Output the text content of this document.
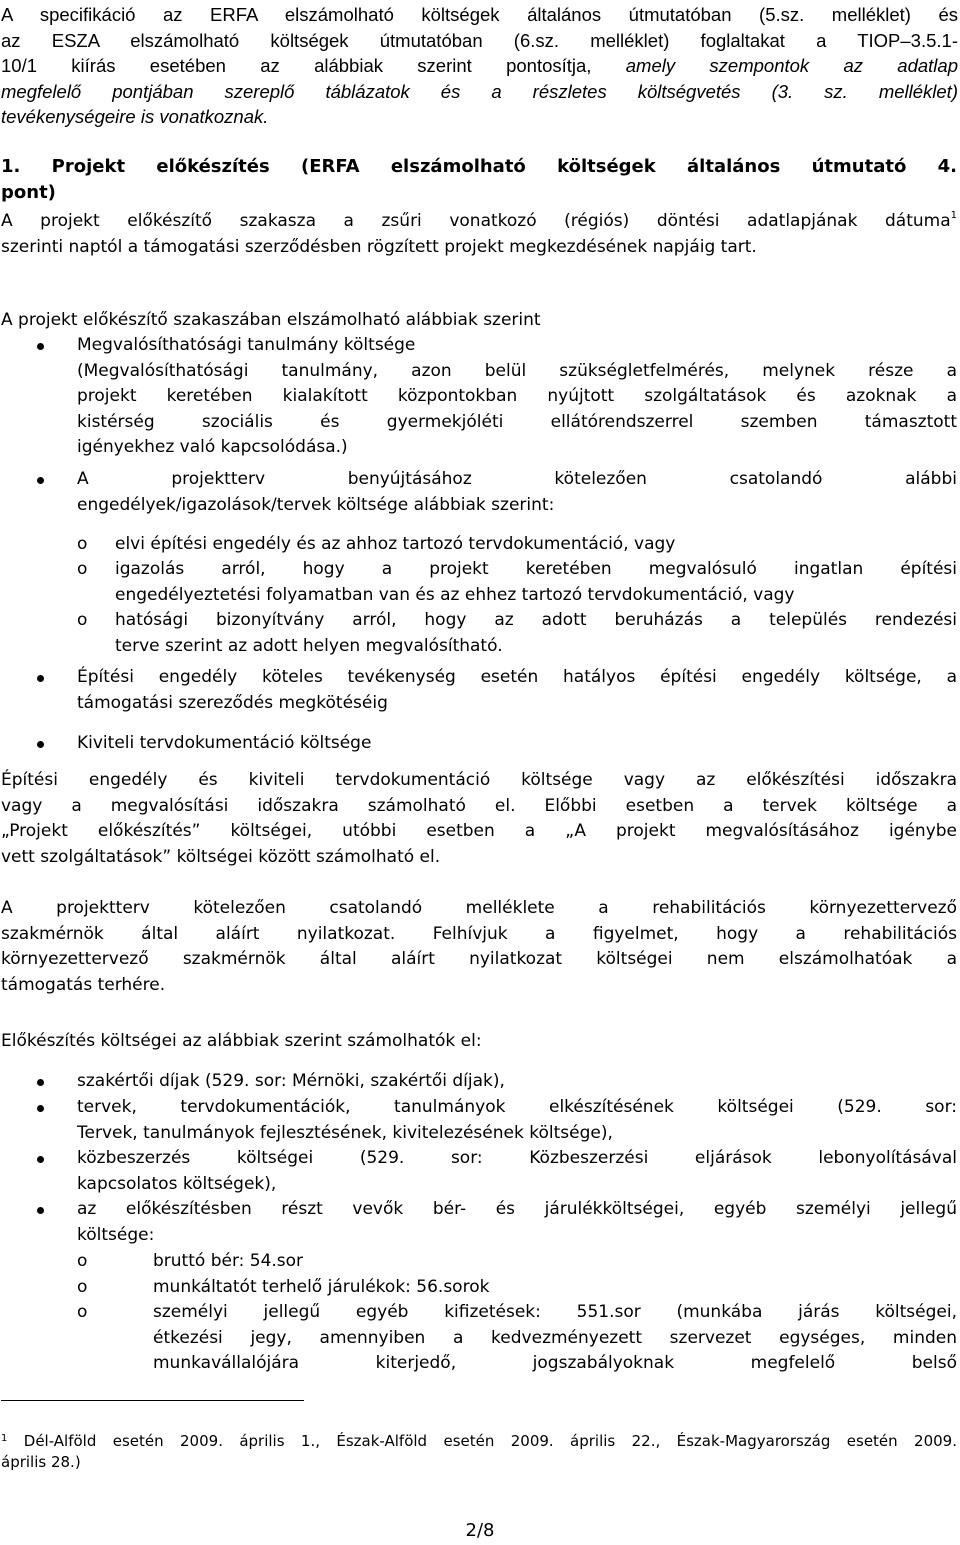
A specifikáció az ERFA elszámolható költségek általános útmutatóban (5.sz. melléklet) és

az ESZA elszámolható költségek útmutatóban (6.sz. melléklet) foglaltakat a TIOP–3.5.1-

10/1 kiírás esetében az alábbiak szerint pontosítja, amely szempontok az adatlap

megfelelő pontjában szereplő táblázatok és a részletes költségvetés (3. sz. melléklet)

tevékenységeire is vonatkoznak.

1. Projekt előkészítés (ERFA elszámolható költségek általános útmutató 4.

pont)

A projekt előkészítő szakasza a zsűri vonatkozó (régiós) döntési adatlapjának dátuma$^1$

szerinti naptól a támogatási szerződésben rögzített projekt megkezdésének napjáig tart.

A projekt előkészítő szakaszában elszámolható alábbiak szerint

Megvalósíthatósági tanulmány költsége

(Megvalósíthatósági tanulmány, azon belül szükségletfelmérés, melynek része a

projekt keretében kialakított központokban nyújtott szolgáltatások és azoknak a

kistérség szociális és gyermekjóléti ellátórendszerrel szemben támasztott

igényekhez való kapcsolódása.)

A projektterv benyújtásához kötelezően csatolandó alábbi

engedélyek/igazolások/tervek költsége alábbiak szerint:

o elvi építési engedély és az ahhoz tartozó tervdokumentáció, vagy

o igazolás arról, hogy a projekt keretében megvalósuló ingatlan építési

engedélyeztetési folyamatban van és az ehhez tartozó tervdokumentáció, vagy

o hatósági bizonyítvány arról, hogy az adott beruházás a település rendezési

terve szerint az adott helyen megvalósítható.

Építési engedély köteles tevékenység esetén hatályos építési engedély költsége, a

támogatási szereződés megkötéséig

Kiviteli tervdokumentáció költsége

Építési engedély és kiviteli tervdokumentáció költsége vagy az előkészítési időszakra

vagy a megvalósítási időszakra számolható el. Előbbi esetben a tervek költsége a

„Projekt előkészítés” költségei, utóbbi esetben a „A projekt megvalósításához igénybe

vett szolgáltatások” költségei között számolható el.

A projektterv kötelezően csatolandó melléklete a rehabilitációs környezettervező

szakmérnök által aláírt nyilatkozat. Felhívjuk a figyelmet, hogy a rehabilitációs

környezettervező szakmérnök által aláírt nyilatkozat költségei nem elszámolhatóak a

támogatás terhére.

Előkészítés költségei az alábbiak szerint számolhatók el:

szakértői díjak (529. sor: Mérnöki, szakértői díjak),

tervek, tervdokumentációk, tanulmányok elkészítésének költségei (529. sor:

Tervek, tanulmányok fejlesztésének, kivitelezésének költsége),

közbeszerzés költségei (529. sor: Közbeszerzési eljárások lebonyolításával

kapcsolatos költségek),

az előkészítésben részt vevők bér- és járulékköltségei, egyéb személyi jellegű

költsége:

o	bruttó bér: 54.sor

o	munkáltatót terhelő járulékok: 56.sorok

o	személyi jellegű egyéb kifizetések: 551.sor (munkába járás költségei,

étkezési jegy, amennyiben a kedvezményezett szervezet egységes, minden

munkavállalójára kiterjedő, jogszabályoknak megfelelő belső

$^1$ Dél-Alföld esetén 2009. április 1., Észak-Alföld esetén 2009. április 22., Észak-Magyarország esetén 2009.

április 28.)

2/8
